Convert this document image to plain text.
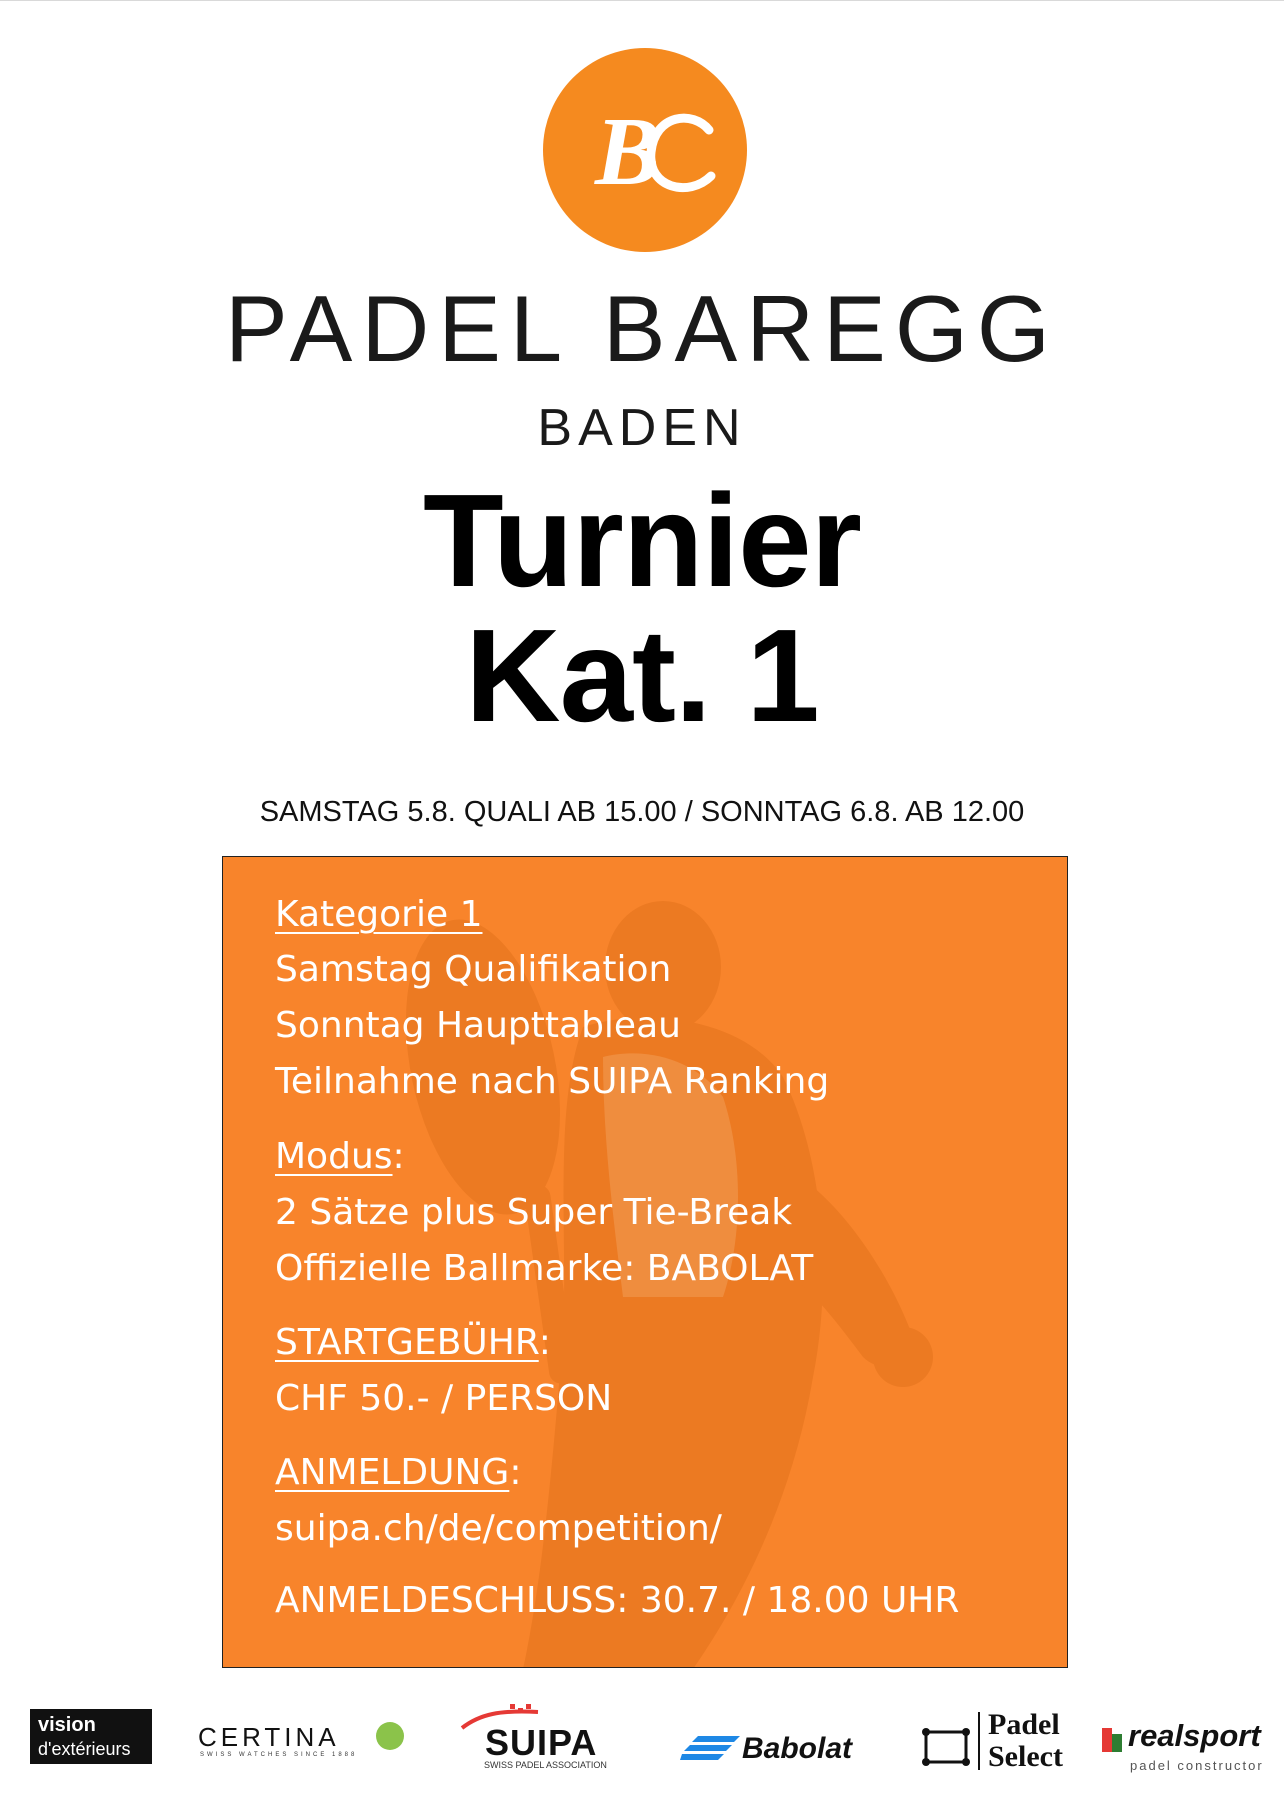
B
PADEL BAREGG
BADEN
Turnier
Kat. 1
SAMSTAG 5.8. QUALI AB 15.00 / SONNTAG 6.8. AB 12.00
Kategorie 1
Samstag Qualifikation
Sonntag Haupttableau
Teilnahme nach SUIPA Ranking
Modus:
2 Sätze plus Super Tie-Break
Offizielle Ballmarke: BABOLAT
STARTGEBÜHR:
CHF 50.- / PERSON
ANMELDUNG:
suipa.ch/de/competition/
ANMELDESCHLUSS: 30.7. / 18.00 UHR
vision
d'extérieurs	CERTINA
SWISS WATCHES SINCE 1888	SUIPA
SWISS PADEL ASSOCIATION	Babolat
Padel
Select
realsport
padel constructor
